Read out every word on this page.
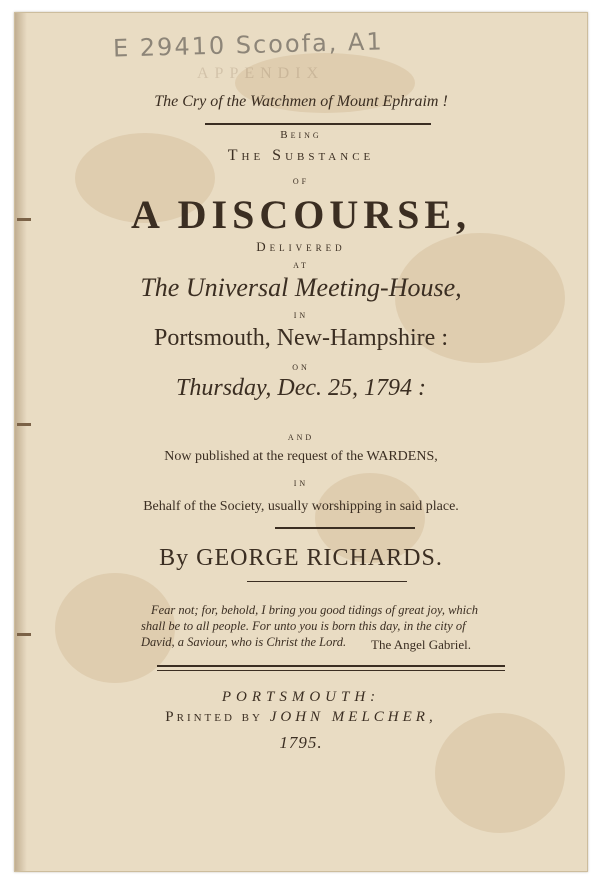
E 29410 Scoofa, A1
APPENDIX
The Cry of the Watchmen of Mount Ephraim !
Being
The Substance
of
A DISCOURSE,
Delivered
at
The Universal Meeting-House,
in
Portsmouth, New-Hampshire :
on
Thursday, Dec. 25, 1794 :
and
Now published at the request of the WARDENS,
in
Behalf of the Society, usually worshipping in said place.
By GEORGE RICHARDS.
Fear not; for, behold, I bring you good tidings of great joy, which
shall be to all people. For unto you is born this day, in the city of
David, a Saviour, who is Christ the Lord. The Angel Gabriel.
PORTSMOUTH:
Printed by JOHN MELCHER,
1795.
